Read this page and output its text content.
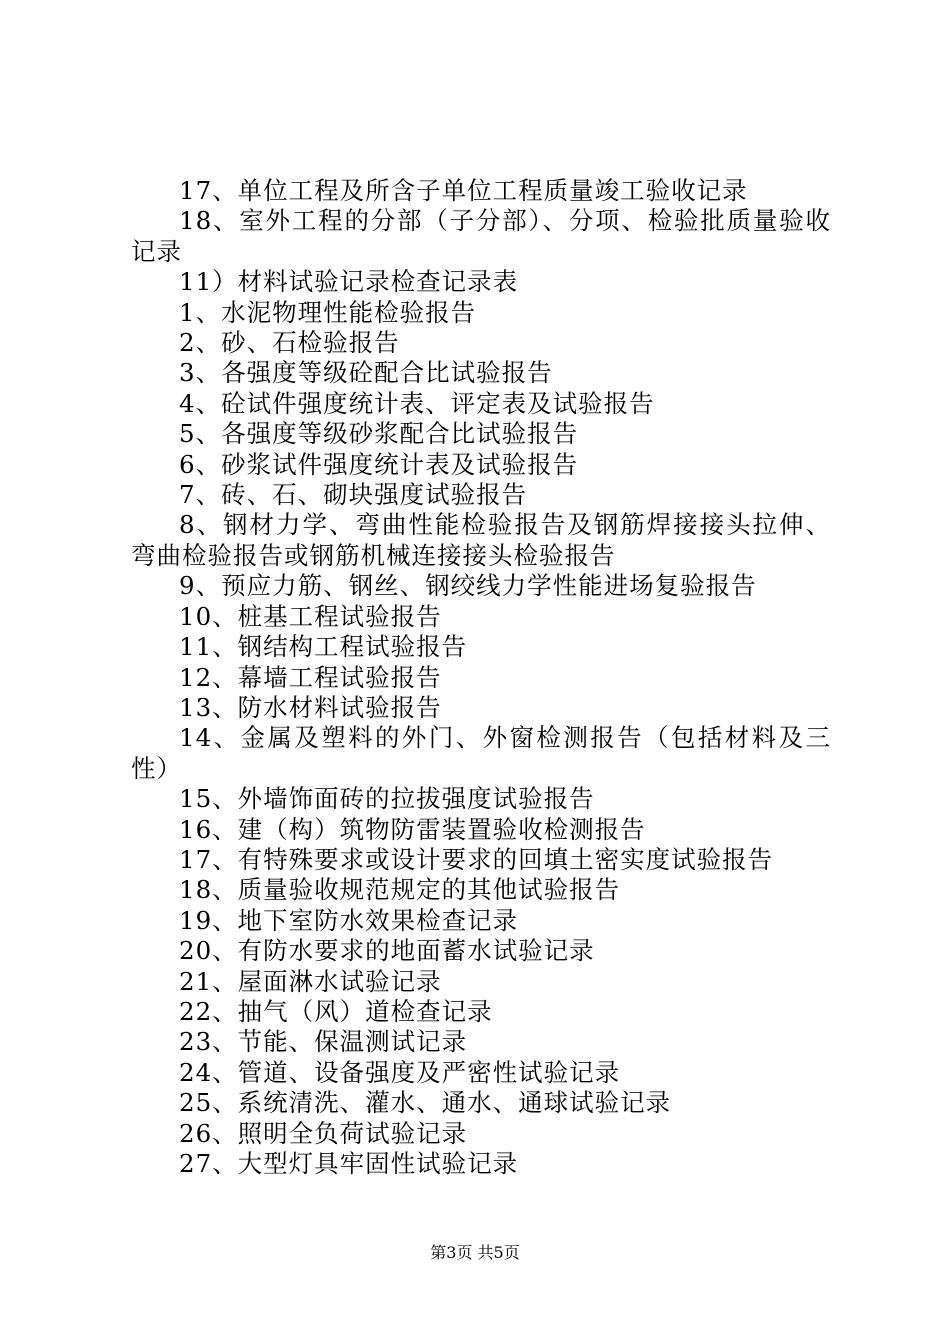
17、单位工程及所含子单位工程质量竣工验收记录

18、室外工程的分部（子分部）、分项、检验批质量验收记录

11）材料试验记录检查记录表

1、水泥物理性能检验报告

2、砂、石检验报告

3、各强度等级砼配合比试验报告

4、砼试件强度统计表、评定表及试验报告

5、各强度等级砂浆配合比试验报告

6、砂浆试件强度统计表及试验报告

7、砖、石、砌块强度试验报告

8、钢材力学、弯曲性能检验报告及钢筋焊接接头拉伸、弯曲检验报告或钢筋机械连接接头检验报告

9、预应力筋、钢丝、钢绞线力学性能进场复验报告

10、桩基工程试验报告

11、钢结构工程试验报告

12、幕墙工程试验报告

13、防水材料试验报告

14、金属及塑料的外门、外窗检测报告（包括材料及三性）

15、外墙饰面砖的拉拔强度试验报告

16、建（构）筑物防雷装置验收检测报告

17、有特殊要求或设计要求的回填土密实度试验报告

18、质量验收规范规定的其他试验报告

19、地下室防水效果检查记录

20、有防水要求的地面蓄水试验记录

21、屋面淋水试验记录

22、抽气（风）道检查记录

23、节能、保温测试记录

24、管道、设备强度及严密性试验记录

25、系统清洗、灌水、通水、通球试验记录

26、照明全负荷试验记录

27、大型灯具牢固性试验记录

第3页 共5页
